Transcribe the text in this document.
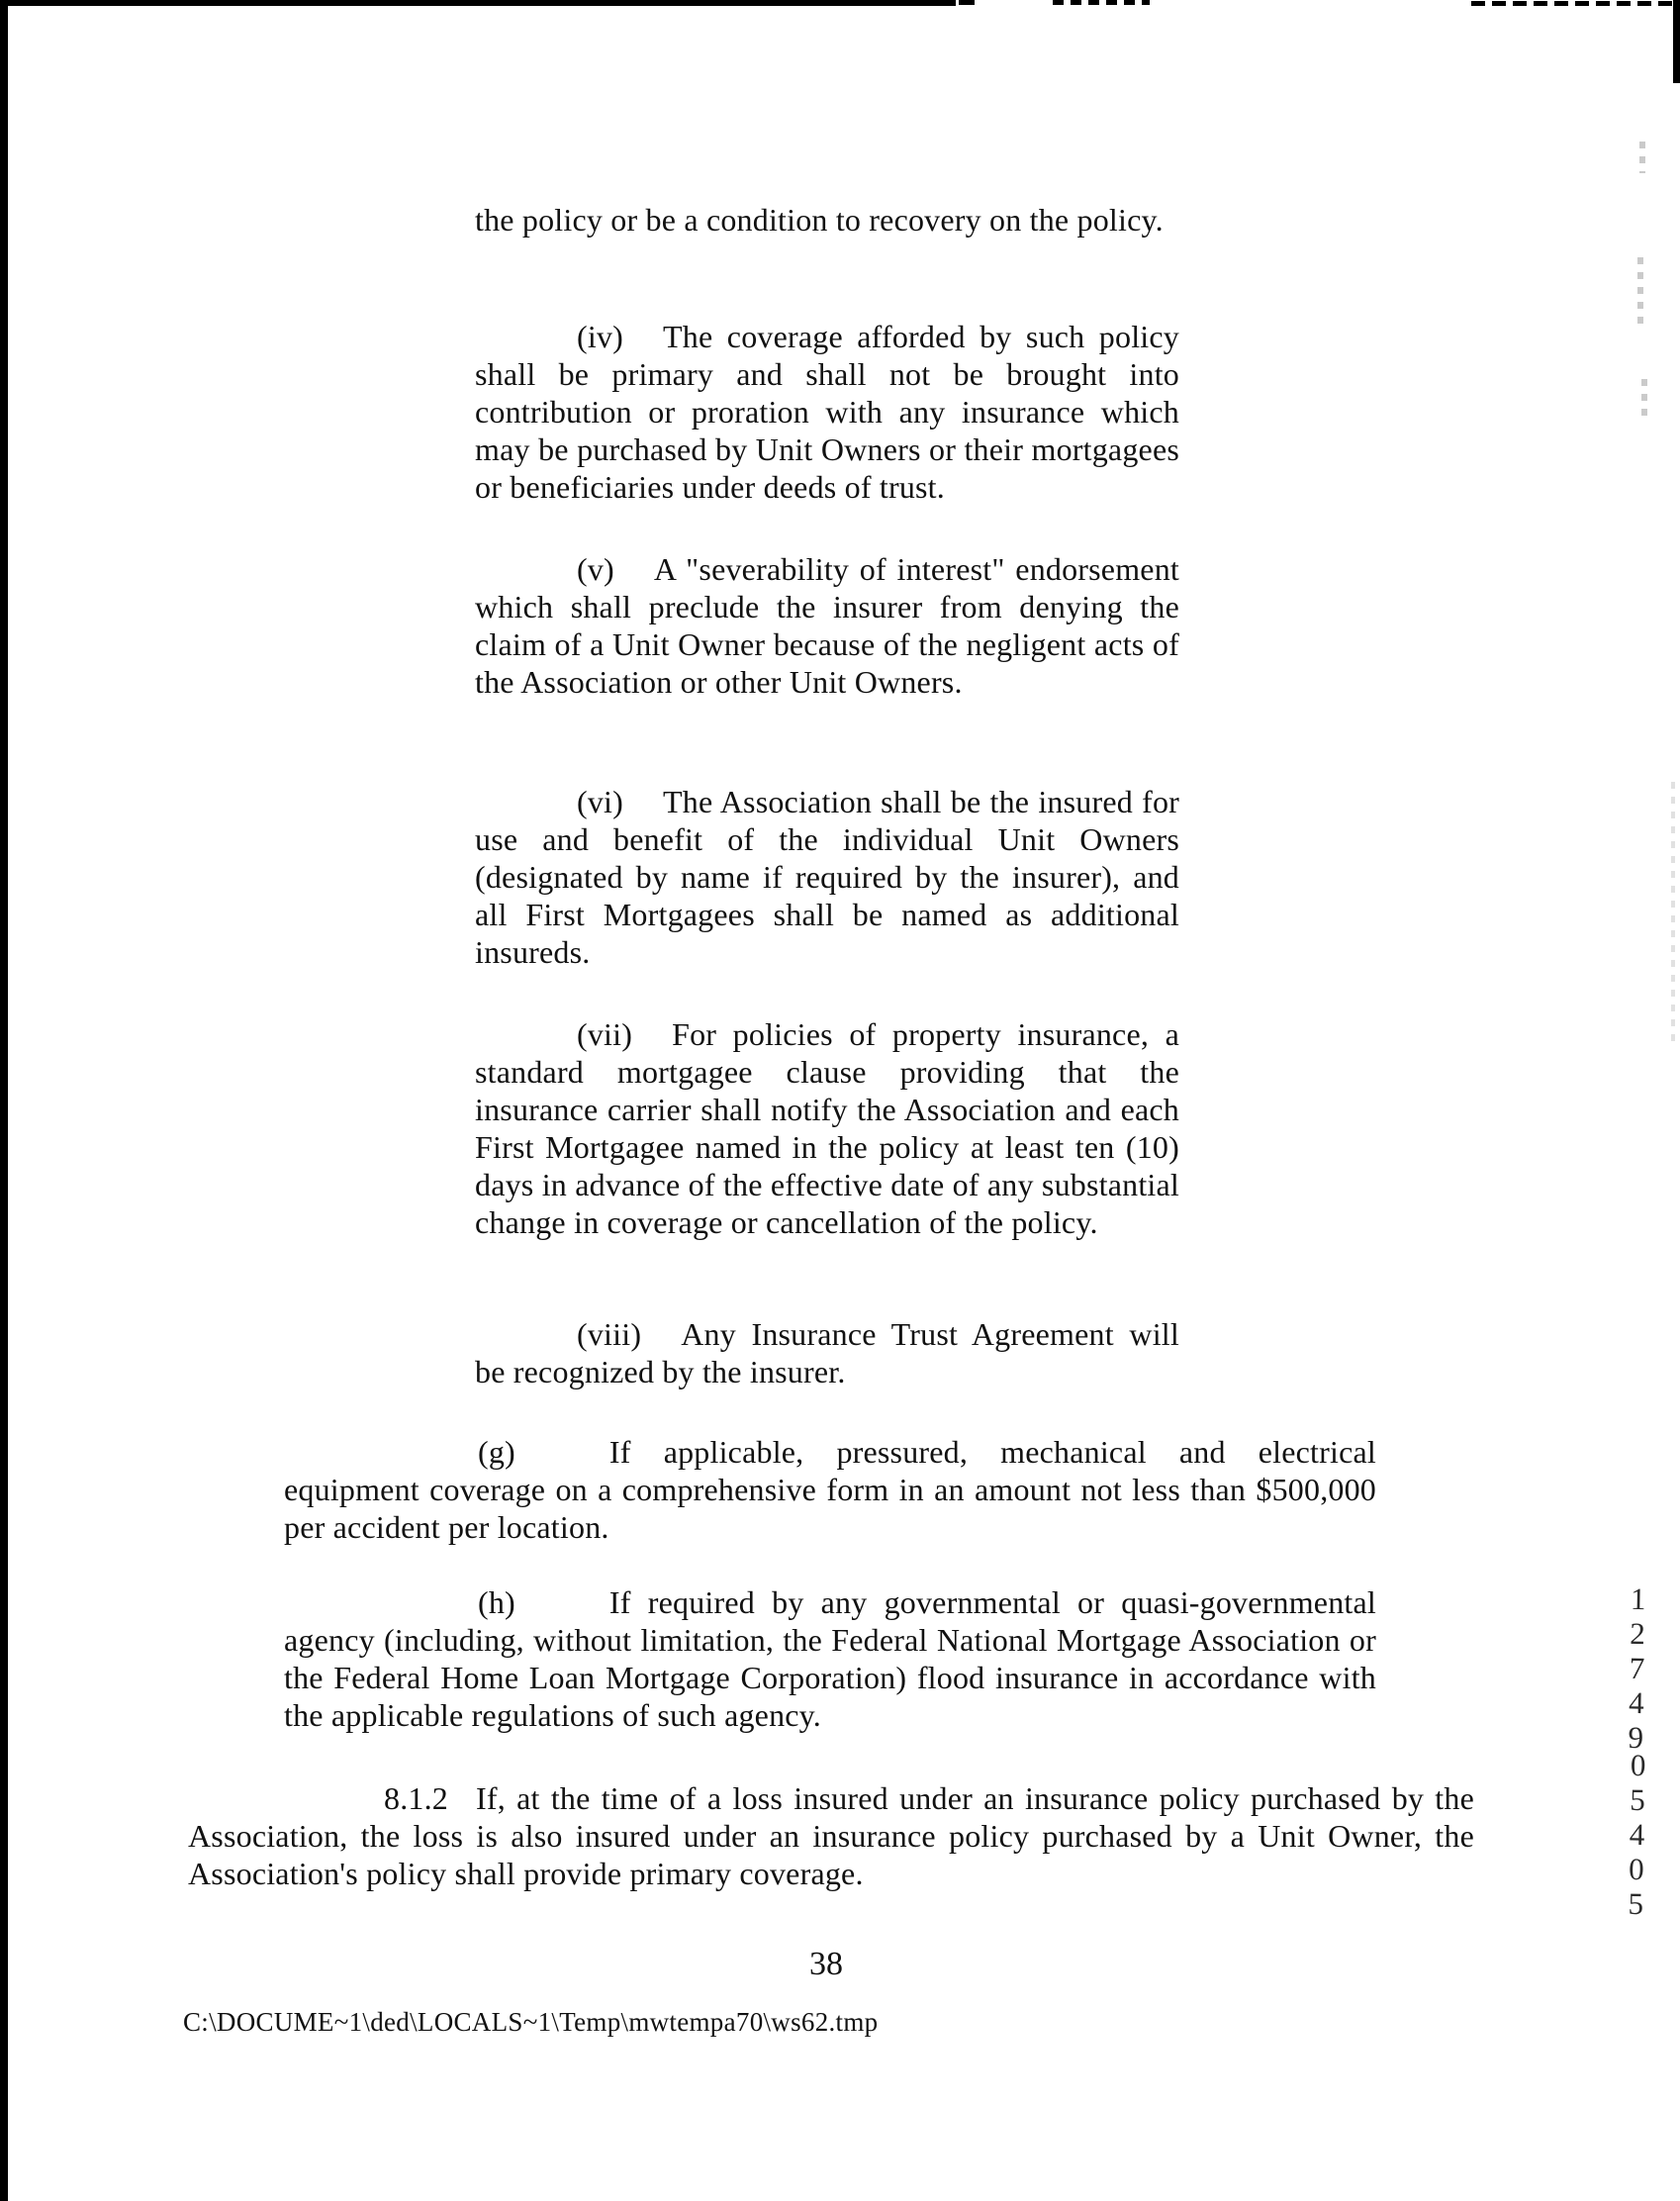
the policy or be a condition to recovery on the policy.

(iv) The coverage afforded by such policy shall be primary and shall not be brought into contribution or proration with any insurance which may be purchased by Unit Owners or their mortgagees or beneficiaries under deeds of trust.

(v) A "severability of interest" endorsement which shall preclude the insurer from denying the claim of a Unit Owner because of the negligent acts of the Association or other Unit Owners.

(vi) The Association shall be the insured for use and benefit of the individual Unit Owners (designated by name if required by the insurer), and all First Mortgagees shall be named as additional insureds.

(vii) For policies of property insurance, a standard mortgagee clause providing that the insurance carrier shall notify the Association and each First Mortgagee named in the policy at least ten (10) days in advance of the effective date of any substantial change in coverage or cancellation of the policy.

(viii) Any Insurance Trust Agreement will be recognized by the insurer.

(g)	If applicable, pressured, mechanical and electrical equipment coverage on a comprehensive form in an amount not less than $500,000 per accident per location.

(h)	If required by any governmental or quasi-governmental agency (including, without limitation, the Federal National Mortgage Association or the Federal Home Loan Mortgage Corporation) flood insurance in accordance with the applicable regulations of such agency.

8.1.2 If, at the time of a loss insured under an insurance policy purchased by the Association, the loss is also insured under an insurance policy purchased by a Unit Owner, the Association's policy shall provide primary coverage.

12749
05405
38
C:\DOCUME~1\ded\LOCALS~1\Temp\mwtempa70\ws62.tmp
